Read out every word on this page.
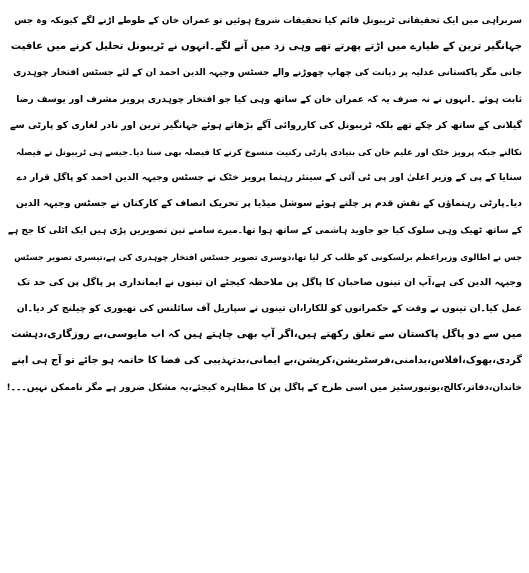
سربراہی میں ایک تحقیقاتی ٹریبونل قائم کیا تحقیقات شروع ہوئیں تو عمران خان کے طوطے اڑنے لگے کیونکہ وہ جس
جہانگیر ترین کے طیارے میں اڑتے پھرتے تھے وہی زد میں آنے لگے۔انہوں نے ٹریبونل تحلیل کرنے میں عافیت
جانی مگر پاکستانی عدلیہ پر دیانت کی چھاپ چھوڑنے والے جسٹس وجیہہ الدین احمد ان کے لئے جسٹس افتخار چوہدری
ثابت ہوئے ۔انہوں نے نہ صرف یہ کہ عمران خان کے ساتھ وہی کیا جو افتخار چوہدری پرویز مشرف اور یوسف رضا
گیلانی کے ساتھ کر چکے تھے بلکہ ٹریبونل کی کارروائی آگے بڑھاتے ہوئے جہانگیر ترین اور نادر لغاری کو پارٹی سے
نکالنے جبکہ پرویز خٹک اور علیم خان کی بنیادی پارٹی رکنیت منسوخ کرنے کا فیصلہ بھی سنا دیا۔جیسے ہی ٹریبونل نے فیصلہ
سنایا کے پی کے وزیر اعلیٰ اور پی ٹی آئی کے سینئر رہنما پرویز خٹک نے جسٹس وجیہہ الدین احمد کو پاگل قرار دے
دیا۔پارٹی رہنماؤں کے نقش قدم پر چلتے ہوئے سوشل میڈیا پر تحریک انصاف کے کارکنان نے جسٹس وجیہہ الدین
کے ساتھ ٹھیک وہی سلوک کیا جو جاوید ہاشمی کے ساتھ ہوا تھا۔میرے سامنے تین تصویریں پڑی ہیں ایک اٹلی کا جج ہے
جس نے اطالوی وزیراعظم برلسکونی کو طلب کر لیا تھا،دوسری تصویر جسٹس افتخار چوہدری کی ہے،تیسری تصویر جسٹس
وجیہہ الدین کی ہے،آپ ان تینوں صاحبان کا پاگل پن ملاحظہ کیجئے ان تینوں نے ایمانداری پر پاگل پن کی حد تک
عمل کیا۔ان تینوں نے وقت کے حکمرانوں کو للکارا،ان تینوں نے سپاریل آف سائلنس کی تھیوری کو چیلنج کر دیا۔ان
میں سے دو پاگل پاکستان سے تعلق رکھتے ہیں،اگر آپ بھی چاہتے ہیں کہ اب مایوسی،بے روزگاری،دہشت
گردی،بھوک،افلاس،بدامنی،فرسٹریشن،کرپشن،بے ایمانی،بدتہذیبی کی فضا کا خاتمہ ہو جائے تو آج ہی اپنے
خاندان،دفاتر،کالج،یونیورسٹیز میں اسی طرح کے پاگل پن کا مظاہرہ کیجئے،یہ مشکل ضرور ہے مگر ناممکن نہیں۔۔۔!
